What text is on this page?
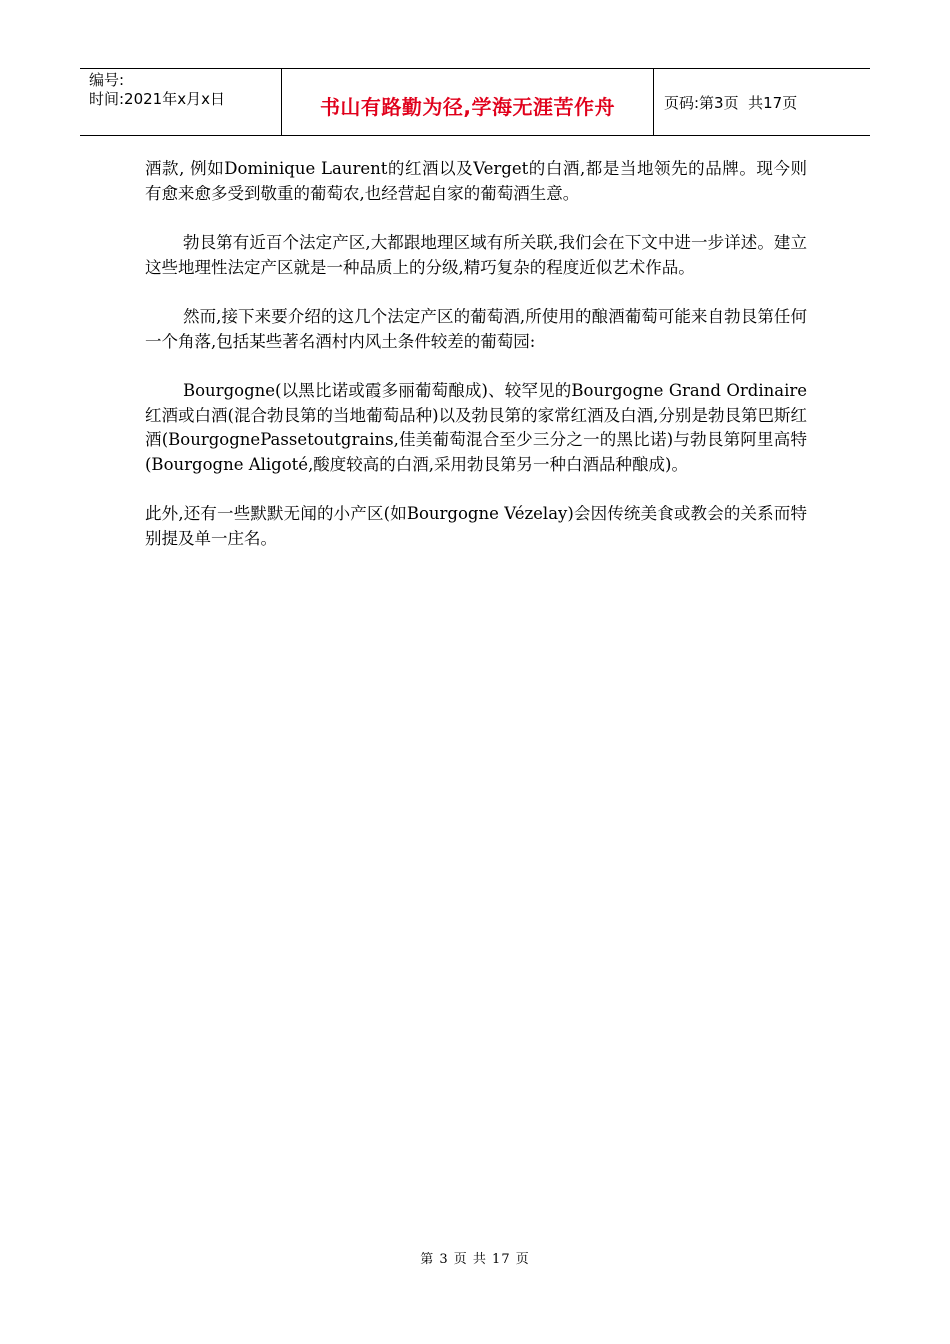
编号:
时间:2021年x月x日	书山有路勤为径,学海无涯苦作舟	页码:第3页  共17页

酒款, 例如Dominique Laurent的红酒以及Verget的白酒,都是当地领先的品牌。现今则有愈来愈多受到敬重的葡萄农,也经营起自家的葡萄酒生意。

勃艮第有近百个法定产区,大都跟地理区域有所关联,我们会在下文中进一步详述。建立这些地理性法定产区就是一种品质上的分级,精巧复杂的程度近似艺术作品。

然而,接下来要介绍的这几个法定产区的葡萄酒,所使用的酿酒葡萄可能来自勃艮第任何一个角落,包括某些著名酒村内风土条件较差的葡萄园:

Bourgogne(以黑比诺或霞多丽葡萄酿成)、较罕见的Bourgogne Grand Ordinaire红酒或白酒(混合勃艮第的当地葡萄品种)以及勃艮第的家常红酒及白酒,分别是勃艮第巴斯红酒(BourgognePassetoutgrains,佳美葡萄混合至少三分之一的黑比诺)与勃艮第阿里高特(Bourgogne Aligoté,酸度较高的白酒,采用勃艮第另一种白酒品种酿成)。

此外,还有一些默默无闻的小产区(如Bourgogne Vézelay)会因传统美食或教会的关系而特别提及单一庄名。

第 3 页 共 17 页
